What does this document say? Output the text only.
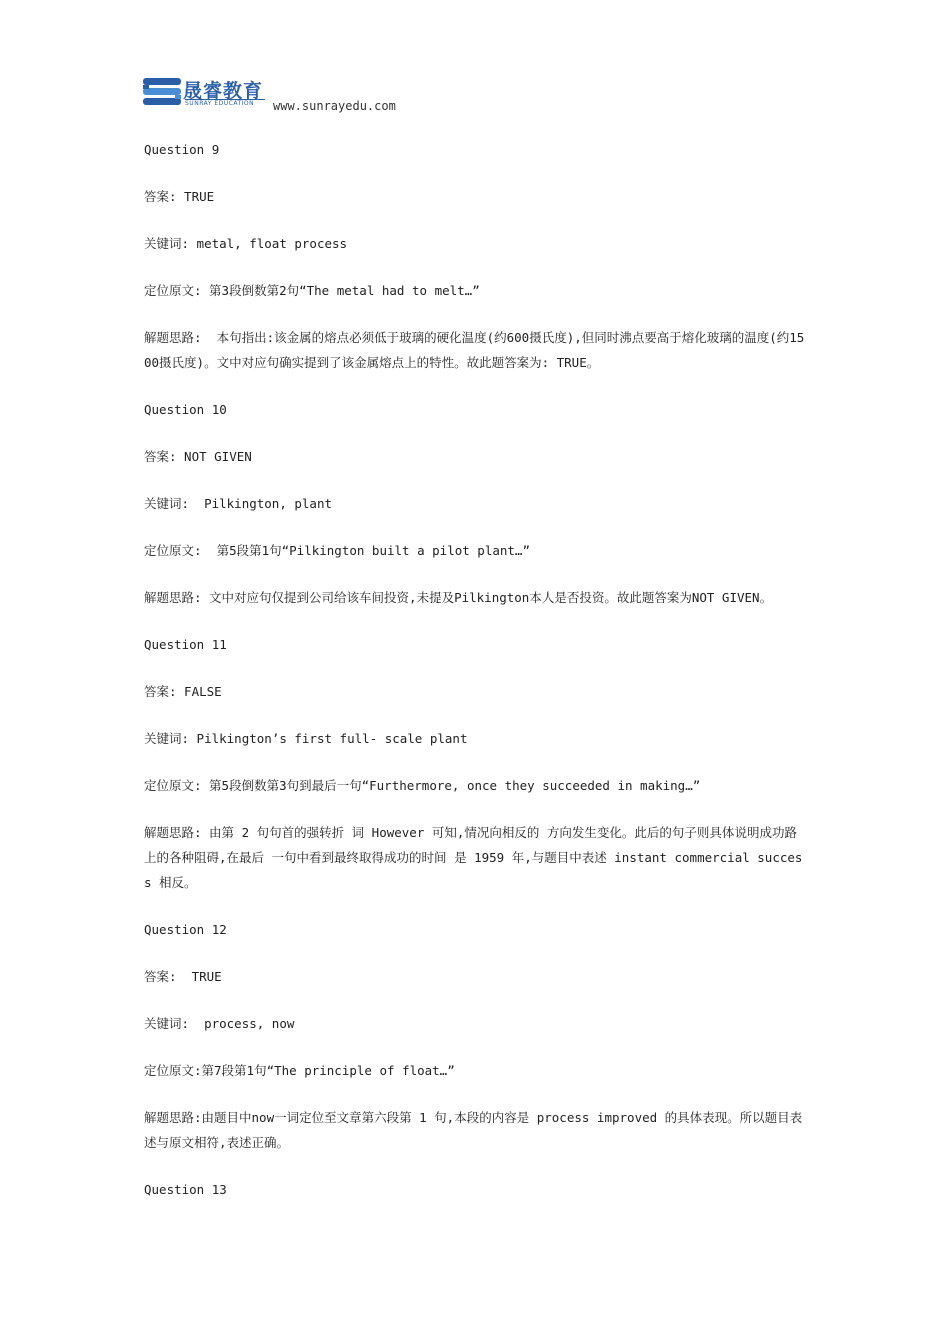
晟睿教育
SUNRAY EDUCATION	www.sunrayedu.com
Question 9
答案: TRUE
关键词: metal, float process
定位原文: 第3段倒数第2句“The metal had to melt…”
解题思路:  本句指出:该金属的熔点必须低于玻璃的硬化温度(约600摄氏度),但同时沸点要高于熔化玻璃的温度(约1500摄氏度)。文中对应句确实提到了该金属熔点上的特性。故此题答案为: TRUE。
Question 10
答案: NOT GIVEN
关键词:  Pilkington, plant
定位原文:  第5段第1句“Pilkington built a pilot plant…”
解题思路: 文中对应句仅提到公司给该车间投资,未提及Pilkington本人是否投资。故此题答案为NOT GIVEN。
Question 11
答案: FALSE
关键词: Pilkington’s first full- scale plant
定位原文: 第5段倒数第3句到最后一句“Furthermore, once they succeeded in making…”
解题思路: 由第 2 句句首的强转折 词 However 可知,情况向相反的 方向发生变化。此后的句子则具体说明成功路上的各种阻碍,在最后 一句中看到最终取得成功的时间 是 1959 年,与题目中表述 instant commercial success 相反。
Question 12
答案:  TRUE
关键词:  process, now
定位原文:第7段第1句“The principle of float…”
解题思路:由题目中now一词定位至文章第六段第 1 句,本段的内容是 process improved 的具体表现。所以题目表述与原文相符,表述正确。
Question 13
